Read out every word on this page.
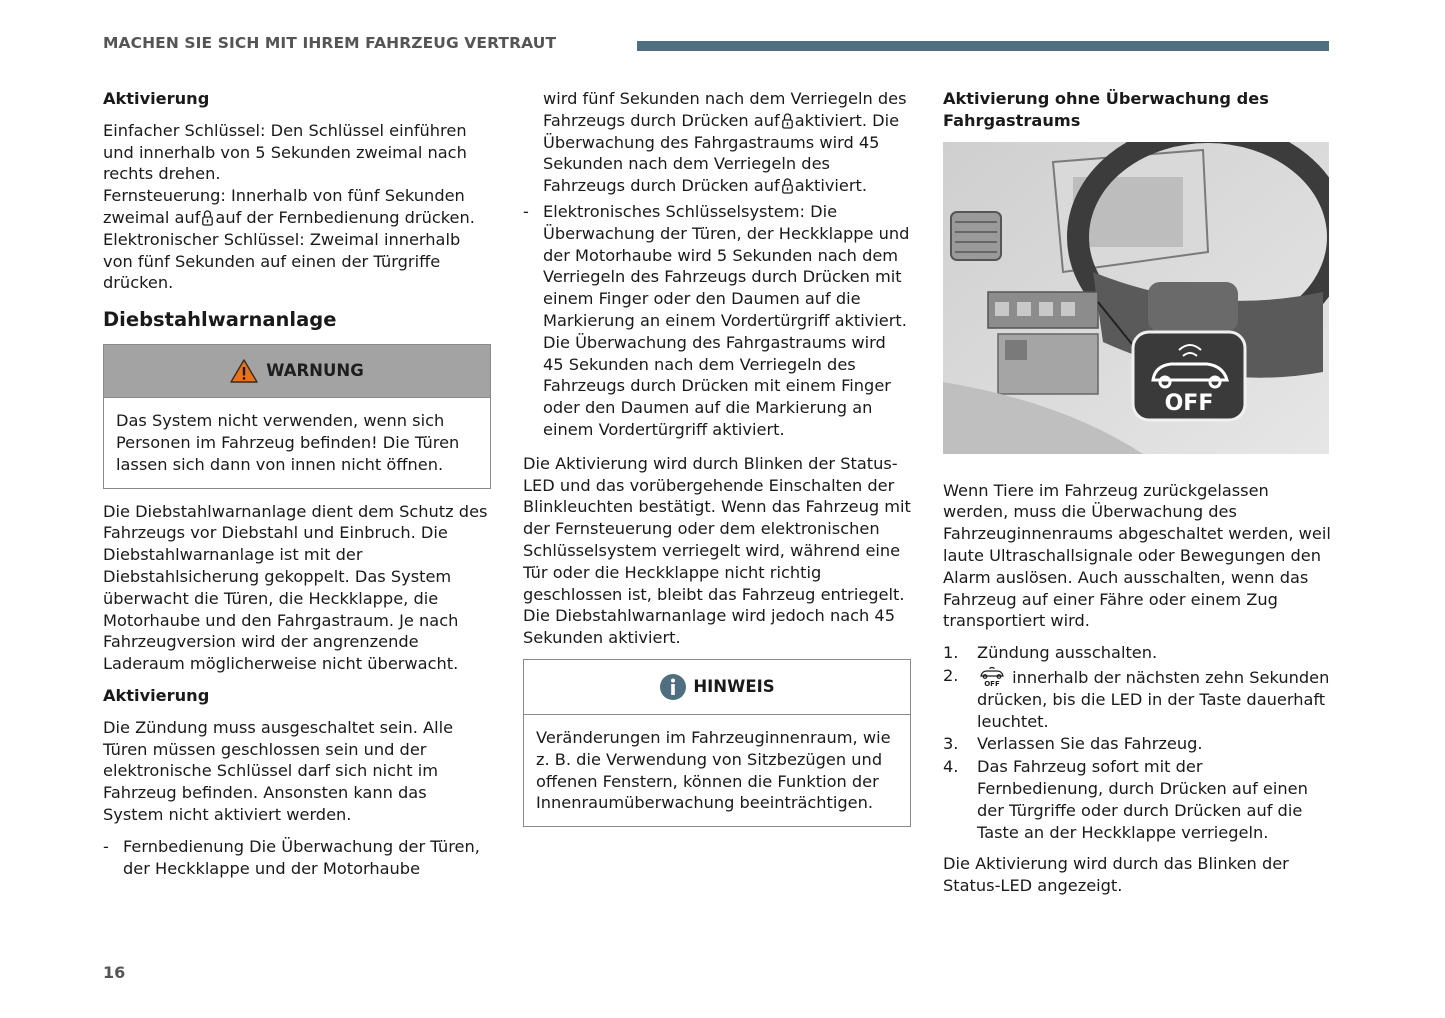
MACHEN SIE SICH MIT IHREM FAHRZEUG VERTRAUT
Aktivierung

Einfacher Schlüssel: Den Schlüssel einführen und innerhalb von 5 Sekunden zweimal nach rechts drehen.

Fernsteuerung: Innerhalb von fünf Sekunden zweimal auf auf der Fernbedienung drücken.

Elektronischer Schlüssel: Zweimal innerhalb von fünf Sekunden auf einen der Türgriffe drücken.

Diebstahlwarnanlage
WARNUNG
Das System nicht verwenden, wenn sich Personen im Fahrzeug befinden! Die Türen lassen sich dann von innen nicht öffnen.

Die Diebstahlwarnanlage dient dem Schutz des Fahrzeugs vor Diebstahl und Einbruch. Die Diebstahlwarnanlage ist mit der Diebstahlsicherung gekoppelt. Das System überwacht die Türen, die Heckklappe, die Motorhaube und den Fahrgastraum. Je nach Fahrzeugversion wird der angrenzende Laderaum möglicherweise nicht überwacht.

Aktivierung

Die Zündung muss ausgeschaltet sein. Alle Türen müssen geschlossen sein und der elektronische Schlüssel darf sich nicht im Fahrzeug befinden. Ansonsten kann das System nicht aktiviert werden.

- Fernbedienung Die Überwachung der Türen, der Heckklappe und der Motorhaube
wird fünf Sekunden nach dem Verriegeln des Fahrzeugs durch Drücken auf aktiviert. Die Überwachung des Fahrgastraums wird 45 Sekunden nach dem Verriegeln des Fahrzeugs durch Drücken auf aktiviert.
- Elektronisches Schlüsselsystem: Die Überwachung der Türen, der Heckklappe und der Motorhaube wird 5 Sekunden nach dem Verriegeln des Fahrzeugs durch Drücken mit einem Finger oder den Daumen auf die Markierung an einem Vordertürgriff aktiviert. Die Überwachung des Fahrgastraums wird 45 Sekunden nach dem Verriegeln des Fahrzeugs durch Drücken mit einem Finger oder den Daumen auf die Markierung an einem Vordertürgriff aktiviert.

Die Aktivierung wird durch Blinken der Status-LED und das vorübergehende Einschalten der Blinkleuchten bestätigt. Wenn das Fahrzeug mit der Fernsteuerung oder dem elektronischen Schlüsselsystem verriegelt wird, während eine Tür oder die Heckklappe nicht richtig geschlossen ist, bleibt das Fahrzeug entriegelt. Die Diebstahlwarnanlage wird jedoch nach 45 Sekunden aktiviert.

HINWEIS
Veränderungen im Fahrzeuginnenraum, wie z. B. die Verwendung von Sitzbezügen und offenen Fenstern, können die Funktion der Innenraumüberwachung beeinträchtigen.
Aktivierung ohne Überwachung des Fahrgastraums
OFF

Wenn Tiere im Fahrzeug zurückgelassen werden, muss die Überwachung des Fahrzeuginnenraums abgeschaltet werden, weil laute Ultraschallsignale oder Bewegungen den Alarm auslösen. Auch ausschalten, wenn das Fahrzeug auf einer Fähre oder einem Zug transportiert wird.

1.	Zündung ausschalten.
2.	OFF innerhalb der nächsten zehn Sekunden drücken, bis die LED in der Taste dauerhaft leuchtet.
3.	Verlassen Sie das Fahrzeug.
4.	Das Fahrzeug sofort mit der Fernbedienung, durch Drücken auf einen der Türgriffe oder durch Drücken auf die Taste an der Heckklappe verriegeln.

Die Aktivierung wird durch das Blinken der Status-LED angezeigt.

16
